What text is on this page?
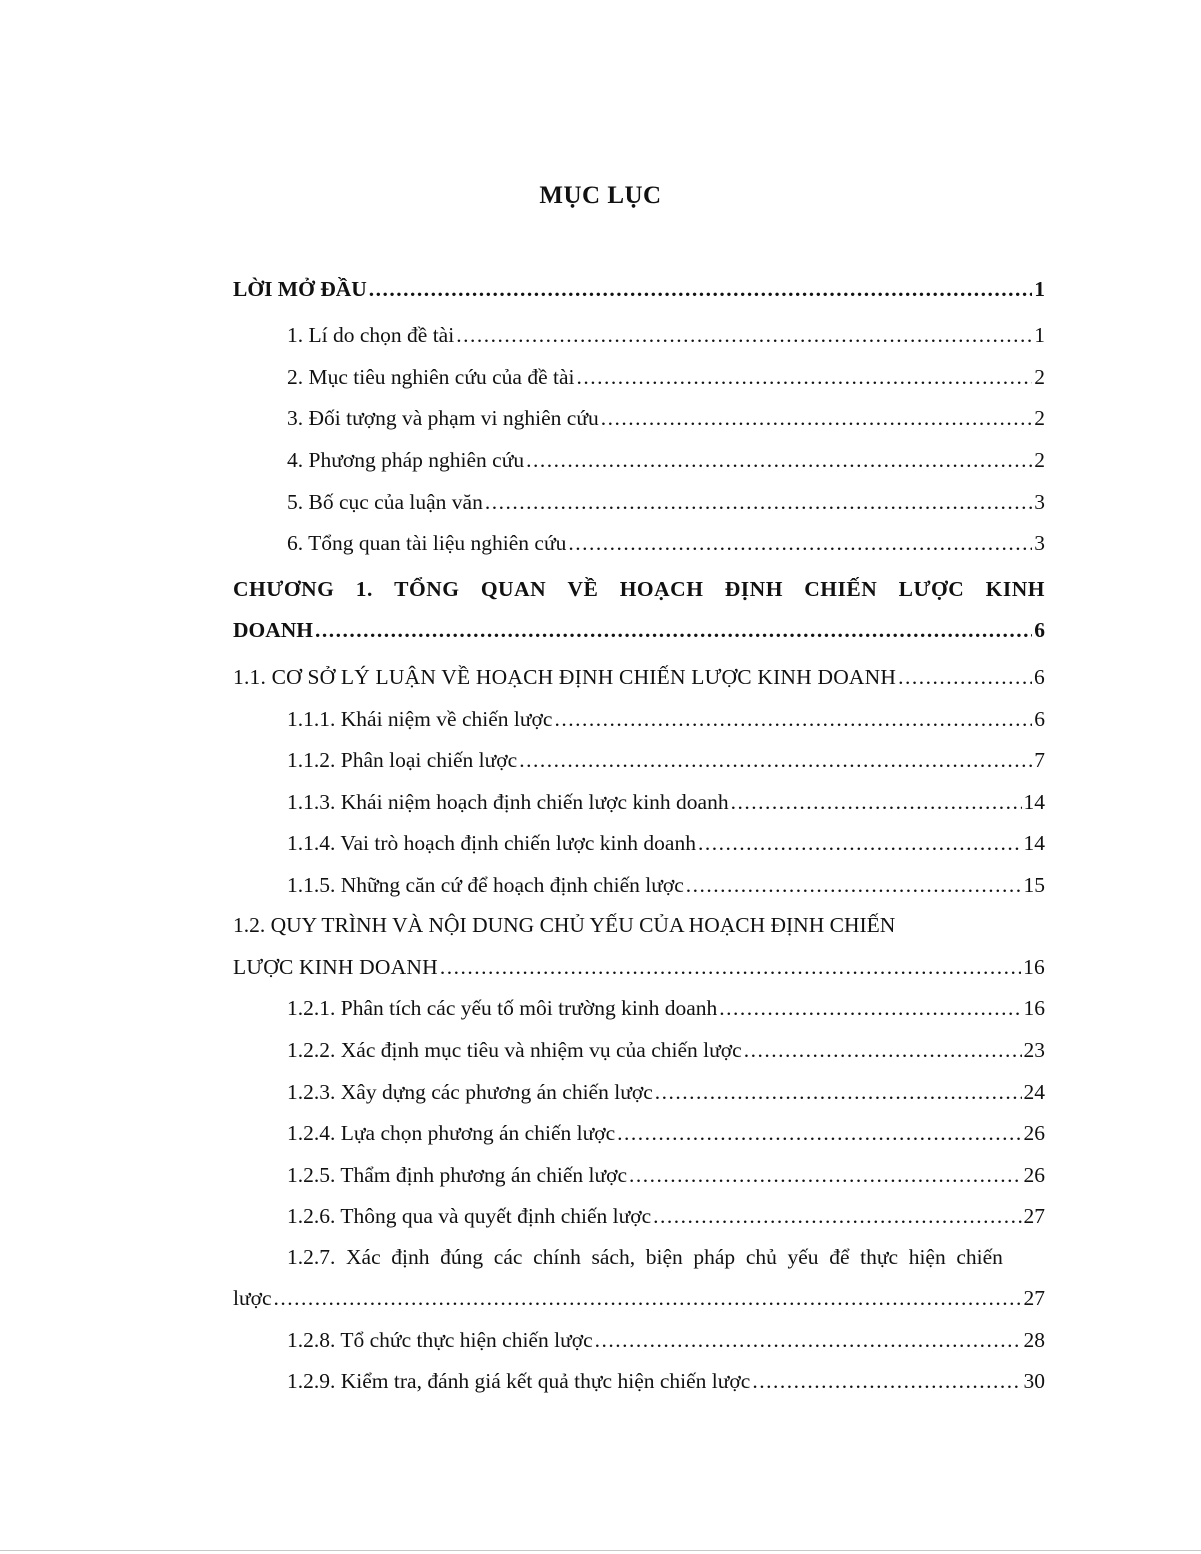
MỤC LỤC
LỜI MỞ ĐẦU .....	1
1. Lí do chọn đề tài .....	1
2. Mục tiêu nghiên cứu của đề tài .....	2
3. Đối tượng và phạm vi nghiên cứu .....	2
4. Phương pháp nghiên cứu .....	2
5. Bố cục của luận văn .....	3
6. Tổng quan tài liệu nghiên cứu .....	3
CHƯƠNG 1. TỔNG QUAN VỀ HOẠCH ĐỊNH CHIẾN LƯỢC KINH
DOANH .....	6
1.1. CƠ SỞ LÝ LUẬN VỀ HOẠCH ĐỊNH CHIẾN LƯỢC KINH DOANH .....	6
1.1.1. Khái niệm về chiến lược .....	6
1.1.2. Phân loại chiến lược .....	7
1.1.3. Khái niệm hoạch định chiến lược kinh doanh .....	14
1.1.4. Vai trò hoạch định chiến lược kinh doanh .....	14
1.1.5. Những căn cứ để hoạch định chiến lược .....	15
1.2. QUY TRÌNH VÀ NỘI DUNG CHỦ YẾU CỦA HOẠCH ĐỊNH CHIẾN
LƯỢC KINH DOANH .....	16
1.2.1. Phân tích các yếu tố môi trường kinh doanh .....	16
1.2.2. Xác định mục tiêu và nhiệm vụ của chiến lược .....	23
1.2.3. Xây dựng các phương án chiến lược .....	24
1.2.4. Lựa chọn phương án chiến lược .....	26
1.2.5. Thẩm định phương án chiến lược .....	26
1.2.6. Thông qua và quyết định chiến lược .....	27
1.2.7. Xác định đúng các chính sách, biện pháp chủ yếu để thực hiện chiến
lược .....	27
1.2.8. Tổ chức thực hiện chiến lược .....	28
1.2.9. Kiểm tra, đánh giá kết quả thực hiện chiến lược .....	30
